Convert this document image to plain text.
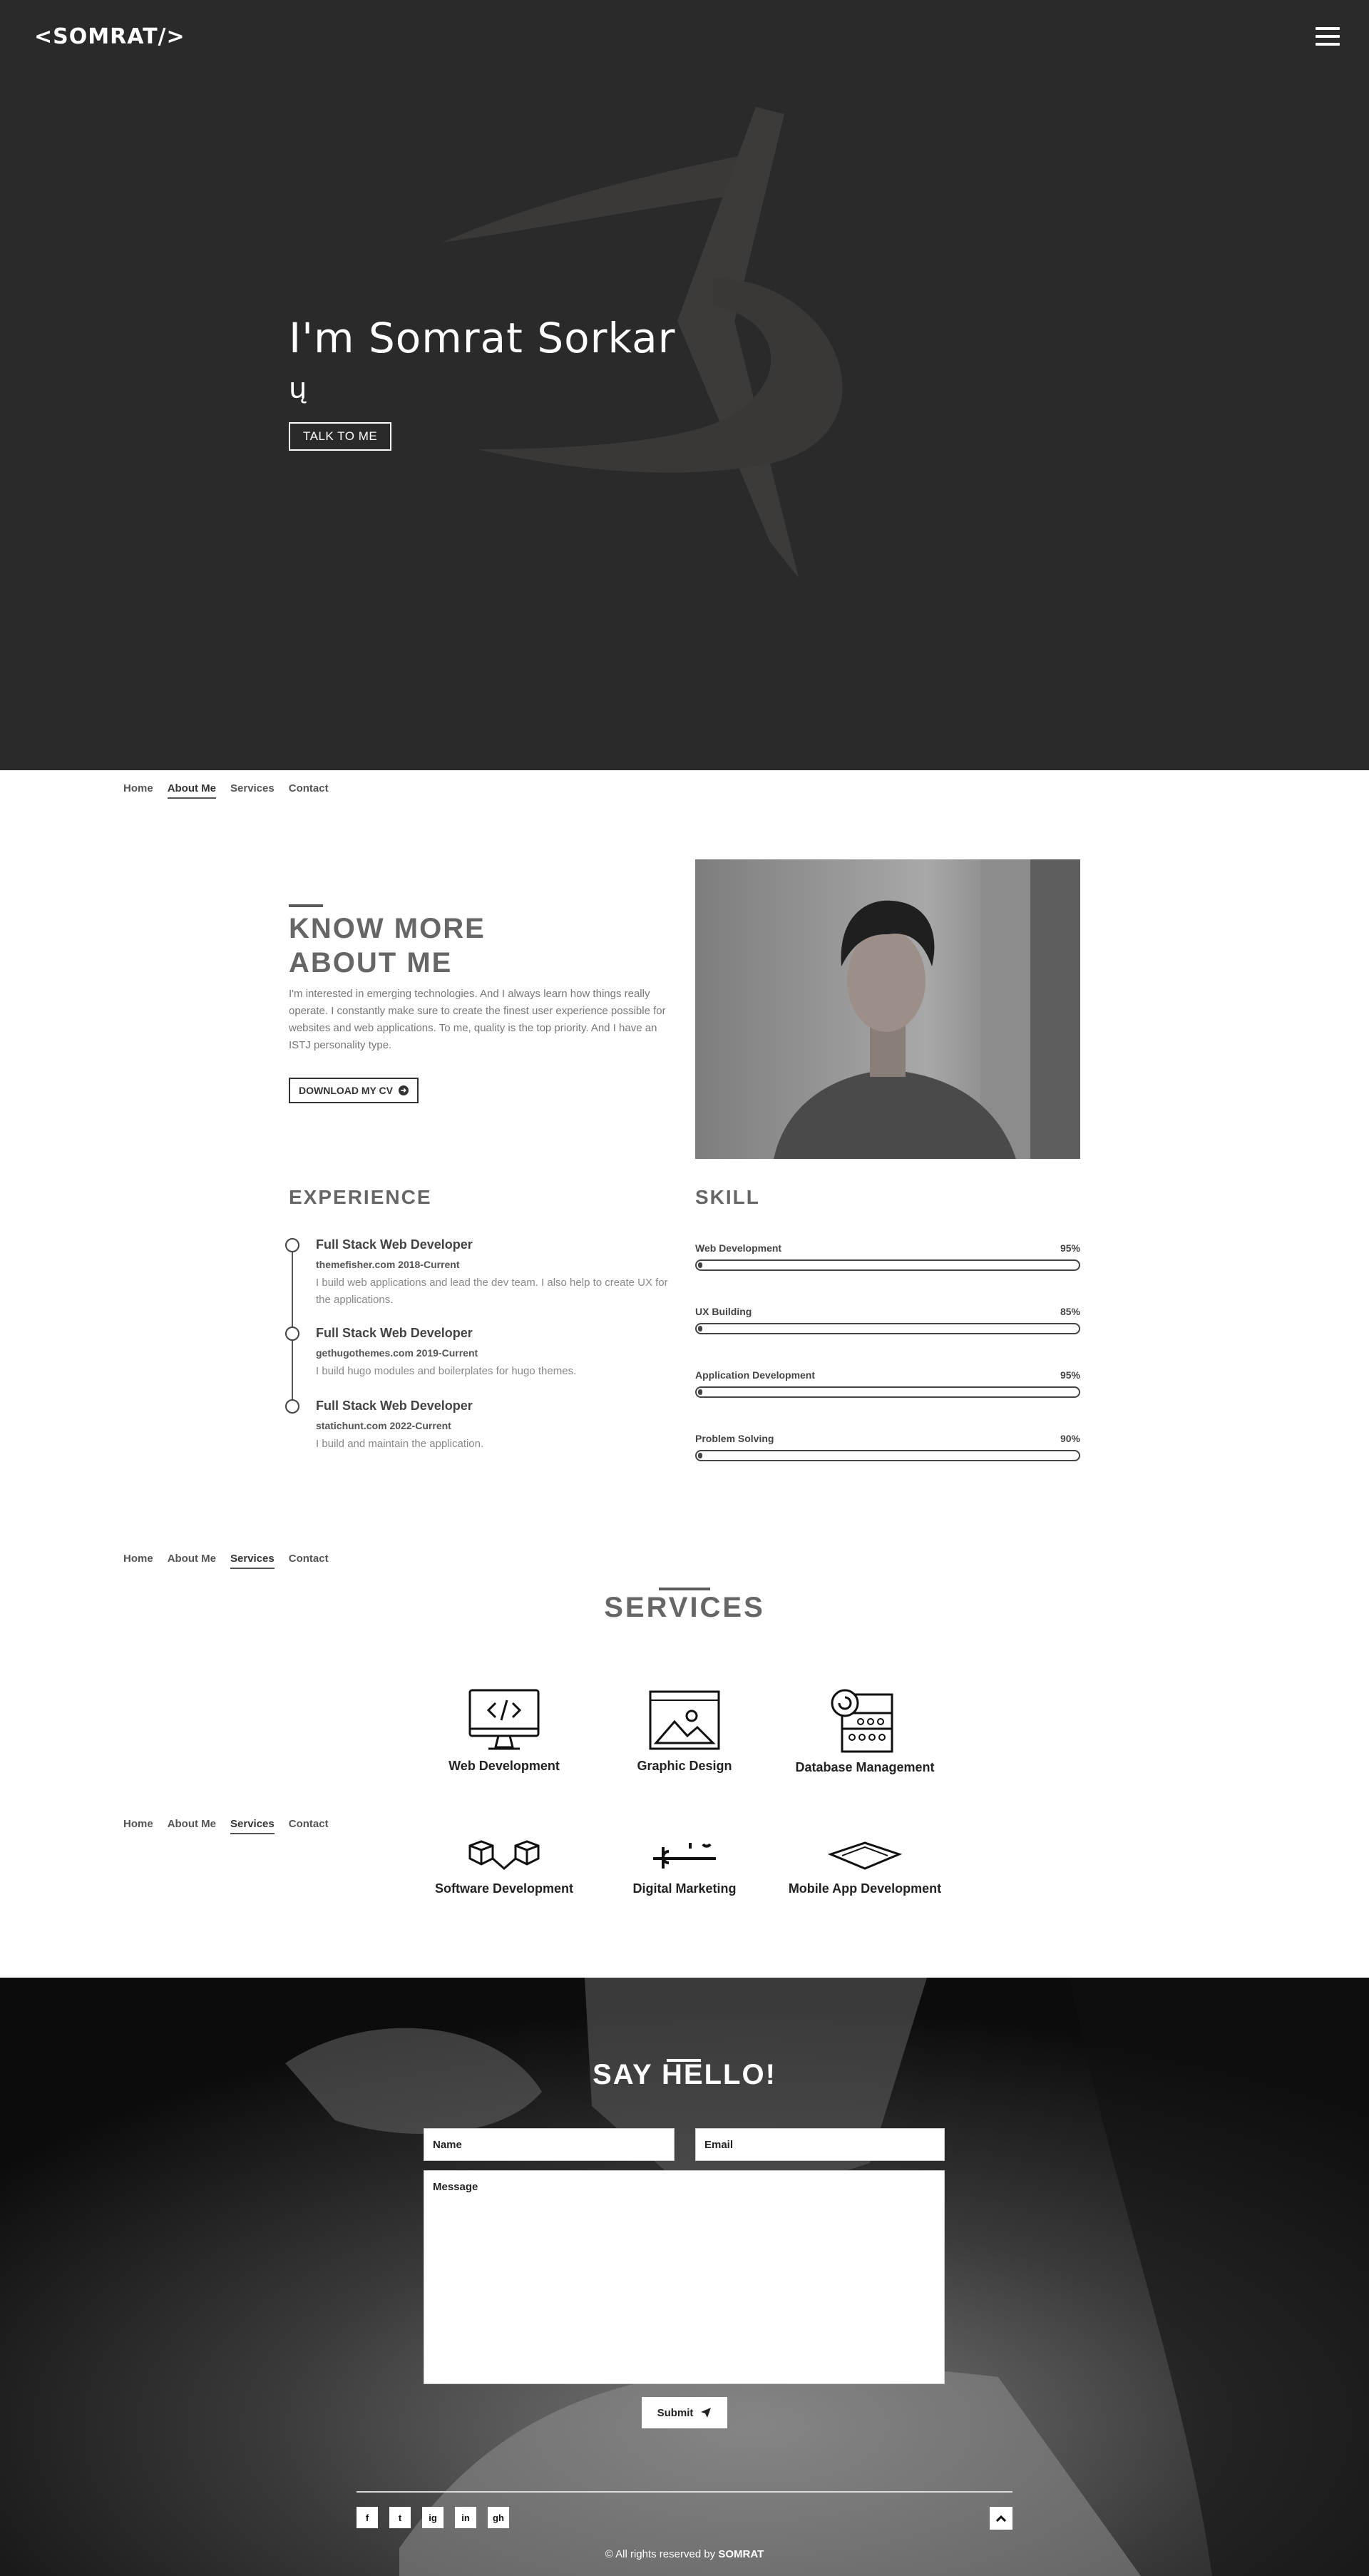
<SOMRAT/>
I'm Somrat Sorkar
ų
TALK TO ME
Home About Me Services Contact
KNOW MORE
ABOUT ME
I'm interested in emerging technologies. And I always learn how things really operate. I constantly make sure to create the finest user experience possible for websites and web applications. To me, quality is the top priority. And I have an ISTJ personality type.
DOWNLOAD MY CV ➜
EXPERIENCE
Full Stack Web Developer
themefisher.com 2018-Current
I build web applications and lead the dev team. I also help to create UX for the applications.
Full Stack Web Developer
gethugothemes.com 2019-Current
I build hugo modules and boilerplates for hugo themes.
Full Stack Web Developer
statichunt.com 2022-Current
I build and maintain the application.
SKILL
Web Development	95%
UX Building	85%
Application Development	95%
Problem Solving	90%
Home About Me Services Contact
SERVICES
Web Development	Graphic Design	Database Management
Home About Me Services Contact
Software Development	Digital Marketing	Mobile App Development
SAY HELLO!
Name	Email
Message
Submit
f	t	ig	in	gh
© All rights reserved by SOMRAT
